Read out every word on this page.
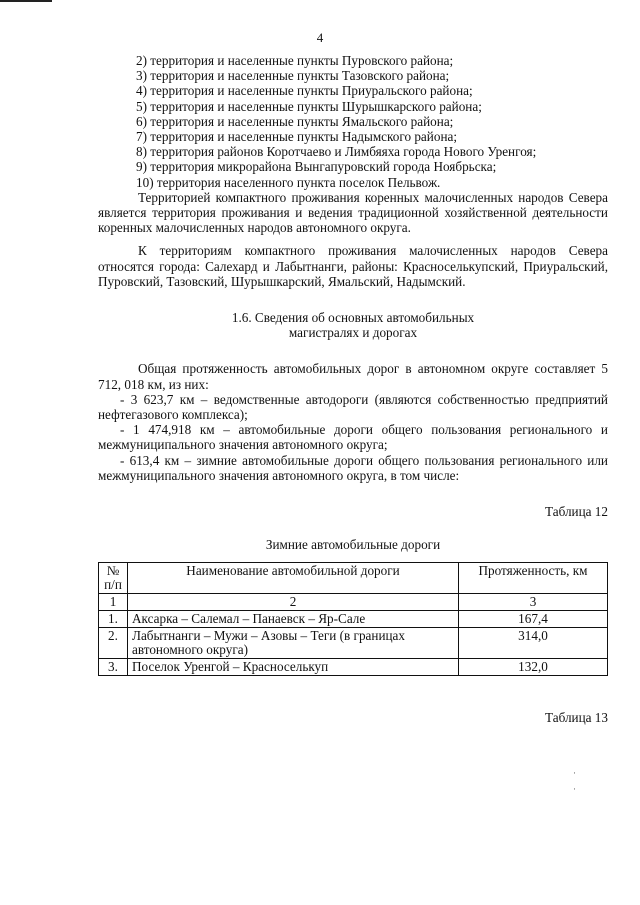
4
2) территория и населенные пункты Пуровского района;
3) территория и населенные пункты Тазовского района;
4) территория и населенные пункты Приуральского района;
5) территория и населенные пункты Шурышкарского района;
6) территория и населенные пункты Ямальского района;
7) территория и населенные пункты Надымского района;
8) территория районов Коротчаево и Лимбяяха города Нового Уренгоя;
9) территория микрорайона Вынгапуровский города Ноябрьска;
10) территория населенного пункта поселок Пельвож.
Территорией компактного проживания коренных малочисленных народов Севера является территория проживания и ведения традиционной хозяйственной деятельности коренных малочисленных народов автономного округа.
К территориям компактного проживания малочисленных народов Севера относятся города: Салехард и Лабытнанги, районы: Красноселькупский, Приуральский, Пуровский, Тазовский, Шурышкарский, Ямальский, Надымский.
1.6. Сведения об основных автомобильных
магистралях и дорогах
Общая протяженность автомобильных дорог в автономном округе составляет 5 712, 018 км, из них:
- 3 623,7 км – ведомственные автодороги (являются собственностью предприятий нефтегазового комплекса);
- 1 474,918 км – автомобильные дороги общего пользования регионального и межмуниципального значения автономного округа;
- 613,4 км – зимние автомобильные дороги общего пользования регионального или межмуниципального значения автономного округа, в том числе:
Таблица 12
Зимние автомобильные дороги
№ п/п	Наименование автомобильной дороги	Протяженность, км
1	2	3
1.	Аксарка – Салемал – Панаевск – Яр-Сале	167,4
2.	Лабытнанги – Мужи – Азовы – Теги (в границах автономного округа)	314,0
3.	Поселок Уренгой – Красноселькуп	132,0
Таблица 13
·
·
